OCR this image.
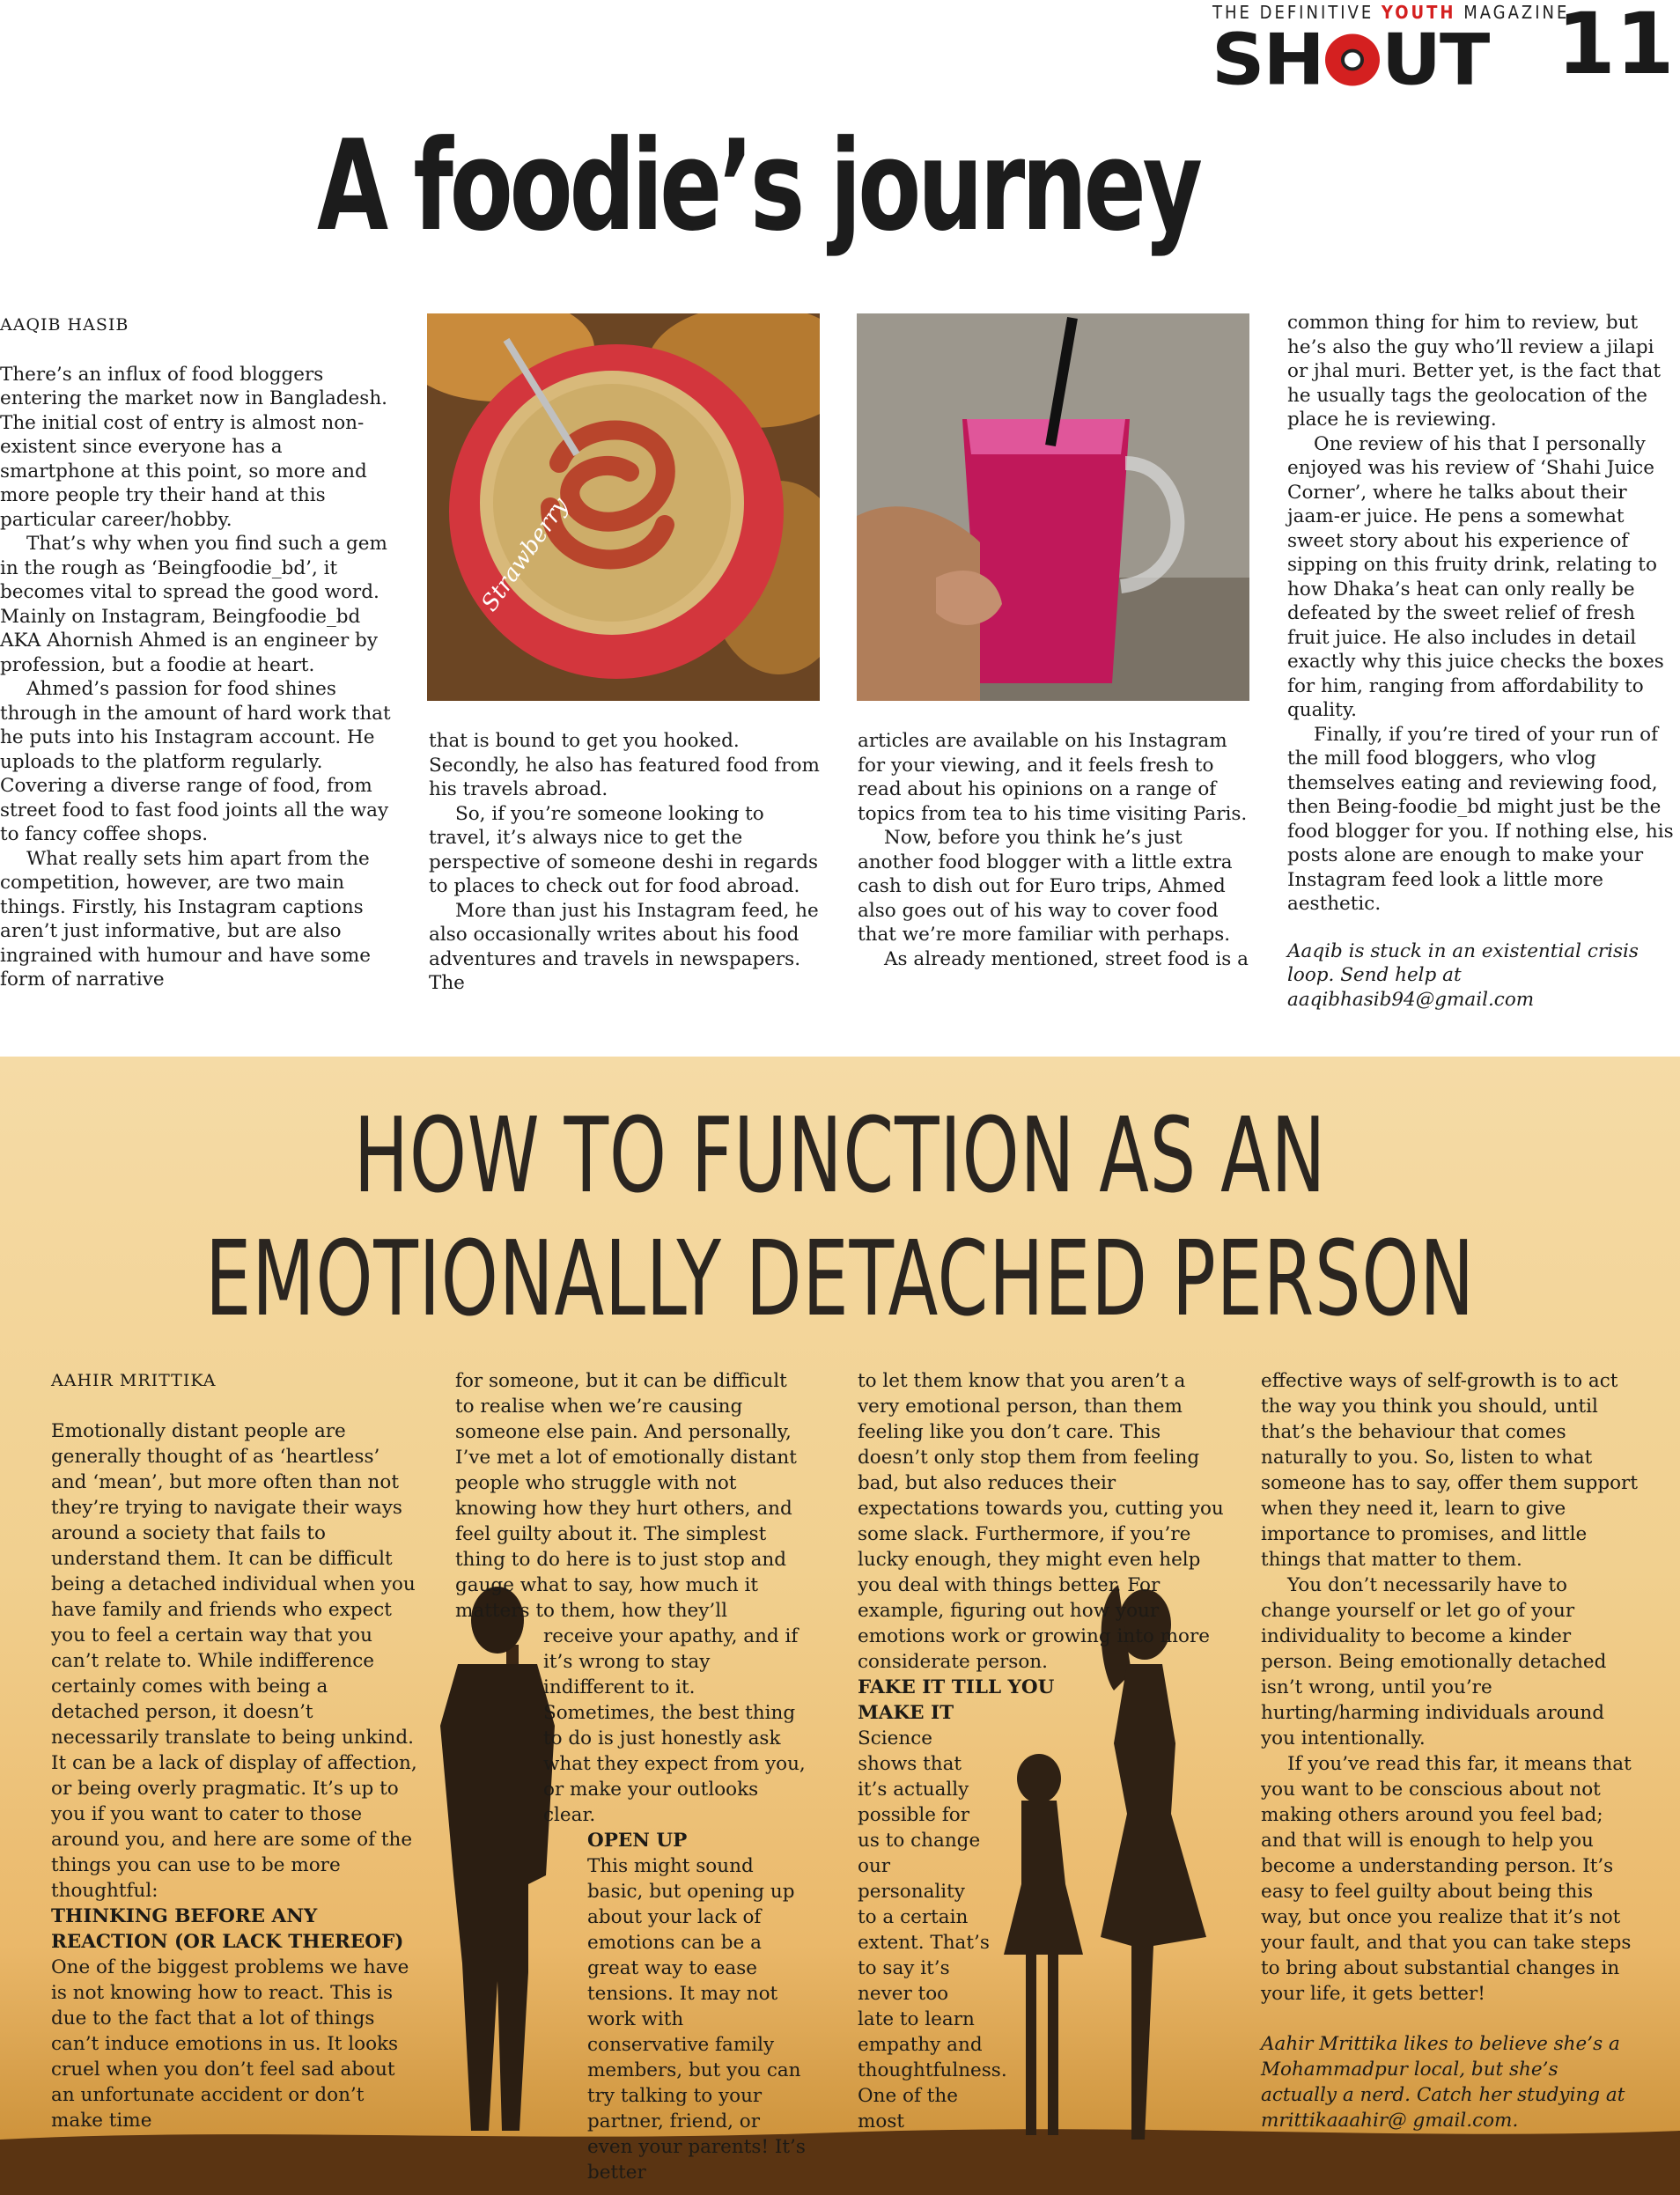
THE DEFINITIVE YOUTH MAGAZINE
SH UT 11
A foodie’s journey

AAQIB HASIB

There’s an influx of food bloggers entering the market now in Bangladesh. The initial cost of entry is almost non-existent since everyone has a smartphone at this point, so more and more people try their hand at this particular career/hobby.

That’s why when you find such a gem in the rough as ‘Beingfoodie_bd’, it becomes vital to spread the good word. Mainly on Instagram, Beingfoodie_bd AKA Ahornish Ahmed is an engineer by profession, but a foodie at heart.

Ahmed’s passion for food shines through in the amount of hard work that he puts into his Instagram account. He uploads to the platform regularly. Covering a diverse range of food, from street food to fast food joints all the way to fancy coffee shops.

What really sets him apart from the competition, however, are two main things. Firstly, his Instagram captions aren’t just informative, but are also ingrained with humour and have some form of narrative

Strawberry

that is bound to get you hooked. Secondly, he also has featured food from his travels abroad.

So, if you’re someone looking to travel, it’s always nice to get the perspective of someone deshi in regards to places to check out for food abroad.

More than just his Instagram feed, he also occasionally writes about his food adventures and travels in newspapers. The

articles are available on his Instagram for your viewing, and it feels fresh to read about his opinions on a range of topics from tea to his time visiting Paris.

Now, before you think he’s just another food blogger with a little extra cash to dish out for Euro trips, Ahmed also goes out of his way to cover food that we’re more familiar with perhaps.

As already mentioned, street food is a

common thing for him to review, but he’s also the guy who’ll review a jilapi or jhal muri. Better yet, is the fact that he usually tags the geolocation of the place he is reviewing.

One review of his that I personally enjoyed was his review of ‘Shahi Juice Corner’, where he talks about their jaam-er juice. He pens a somewhat sweet story about his experience of sipping on this fruity drink, relating to how Dhaka’s heat can only really be defeated by the sweet relief of fresh fruit juice. He also includes in detail exactly why this juice checks the boxes for him, ranging from affordability to quality.

Finally, if you’re tired of your run of the mill food bloggers, who vlog themselves eating and reviewing food, then Being-foodie_bd might just be the food blogger for you. If nothing else, his posts alone are enough to make your Instagram feed look a little more aesthetic.

Aaqib is stuck in an existential crisis loop. Send help at aaqibhasib94@gmail.com

HOW TO FUNCTION AS AN
EMOTIONALLY DETACHED PERSON

AAHIR MRITTIKA

Emotionally distant people are generally thought of as ‘heartless’ and ‘mean’, but more often than not they’re trying to navigate their ways around a society that fails to understand them. It can be difficult being a detached individual when you have family and friends who expect you to feel a certain way that you can’t relate to. While indifference certainly comes with being a detached person, it doesn’t necessarily translate to being unkind. It can be a lack of display of affection, or being overly pragmatic. It’s up to you if you want to cater to those around you, and here are some of the things you can use to be more thoughtful:

THINKING BEFORE ANY REACTION (OR LACK THEREOF)

One of the biggest problems we have is not knowing how to react. This is due to the fact that a lot of things can’t induce emotions in us. It looks cruel when you don’t feel sad about an unfortunate accident or don’t make time

for someone, but it can be difficult to realise when we’re causing someone else pain. And personally, I’ve met a lot of emotionally distant people who struggle with not knowing how they hurt others, and feel guilty about it. The simplest thing to do here is to just stop and gauge what to say, how much it matters to them, how they’ll

receive your apathy, and if it’s wrong to stay indifferent to it. Sometimes, the best thing to do is just honestly ask what they expect from you, or make your outlooks clear.

OPEN UP

This might sound basic, but opening up about your lack of emotions can be a great way to ease tensions. It may not work with conservative family members, but you can try talking to your partner, friend, or even your parents! It’s better

to let them know that you aren’t a very emotional person, than them feeling like you don’t care. This doesn’t only stop them from feeling bad, but also reduces their expectations towards you, cutting you some slack. Furthermore, if you’re lucky enough, they might even help you deal with things better. For example, figuring out how your emotions work or growing into more considerate person.

FAKE IT TILL YOU MAKE IT

Science shows that it’s actually possible for us to change our personality to a certain extent. That’s to say it’s never too late to learn empathy and thoughtfulness. One of the most

effective ways of self-growth is to act the way you think you should, until that’s the behaviour that comes naturally to you. So, listen to what someone has to say, offer them support when they need it, learn to give importance to promises, and little things that matter to them.

You don’t necessarily have to change yourself or let go of your individuality to become a kinder person. Being emotionally detached isn’t wrong, until you’re hurting/harming individuals around you intentionally.

If you’ve read this far, it means that you want to be conscious about not making others around you feel bad; and that will is enough to help you become a understanding person. It’s easy to feel guilty about being this way, but once you realize that it’s not your fault, and that you can take steps to bring about substantial changes in your life, it gets better!

Aahir Mrittika likes to believe she’s a Mohammadpur local, but she’s actually a nerd. Catch her studying at mrittikaaahir@ gmail.com.
